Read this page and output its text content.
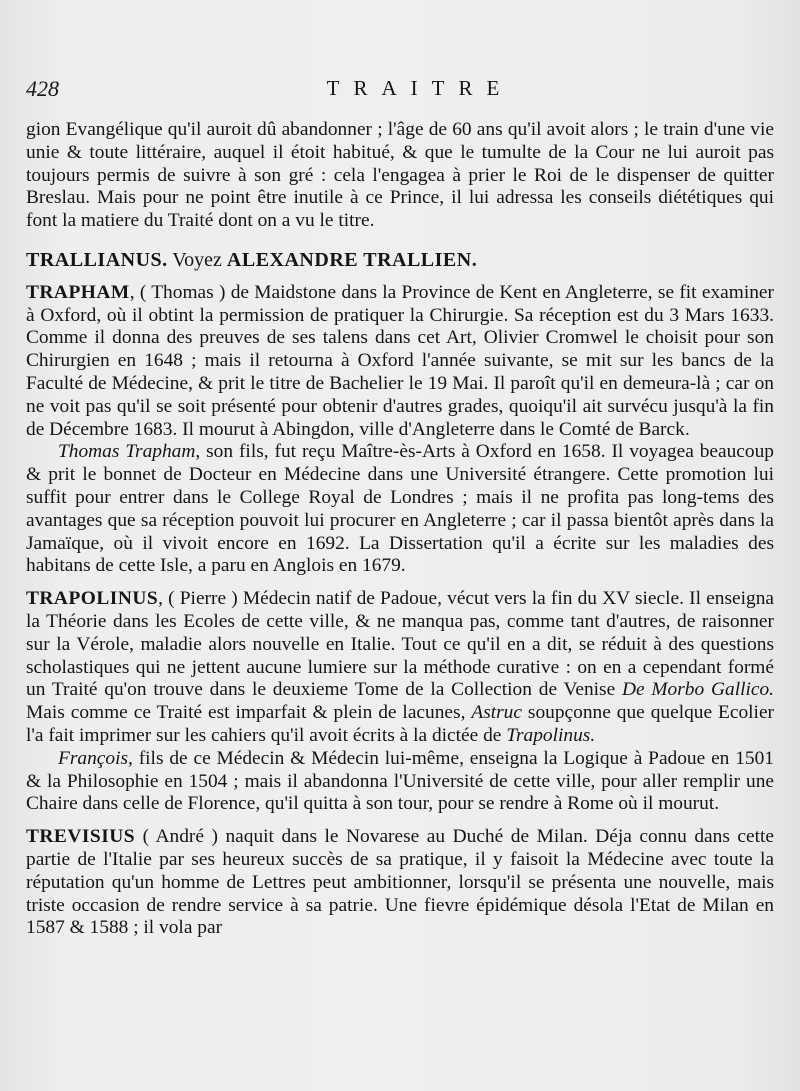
428	TRAITRE

gion Evangélique qu'il auroit dû abandonner ; l'âge de 60 ans qu'il avoit alors ; le train d'une vie unie & toute littéraire, auquel il étoit habitué, & que le tumulte de la Cour ne lui auroit pas toujours permis de suivre à son gré : cela l'engagea à prier le Roi de le dispenser de quitter Breslau. Mais pour ne point être inutile à ce Prince, il lui adressa les conseils diététiques qui font la matiere du Traité dont on a vu le titre.

TRALLIANUS. Voyez ALEXANDRE TRALLIEN.

TRAPHAM, ( Thomas ) de Maidstone dans la Province de Kent en Angleterre, se fit examiner à Oxford, où il obtint la permission de pratiquer la Chirurgie. Sa réception est du 3 Mars 1633. Comme il donna des preuves de ses talens dans cet Art, Olivier Cromwel le choisit pour son Chirurgien en 1648 ; mais il retourna à Oxford l'année suivante, se mit sur les bancs de la Faculté de Médecine, & prit le titre de Bachelier le 19 Mai. Il paroît qu'il en demeura-là ; car on ne voit pas qu'il se soit présenté pour obtenir d'autres grades, quoiqu'il ait survécu jusqu'à la fin de Décembre 1683. Il mourut à Abingdon, ville d'Angleterre dans le Comté de Barck.

Thomas Trapham, son fils, fut reçu Maître-ès-Arts à Oxford en 1658. Il voyagea beaucoup & prit le bonnet de Docteur en Médecine dans une Université étrangere. Cette promotion lui suffit pour entrer dans le College Royal de Londres ; mais il ne profita pas long-tems des avantages que sa réception pouvoit lui procurer en Angleterre ; car il passa bientôt après dans la Jamaïque, où il vivoit encore en 1692. La Dissertation qu'il a écrite sur les maladies des habitans de cette Isle, a paru en Anglois en 1679.

TRAPOLINUS, ( Pierre ) Médecin natif de Padoue, vécut vers la fin du XV siecle. Il enseigna la Théorie dans les Ecoles de cette ville, & ne manqua pas, comme tant d'autres, de raisonner sur la Vérole, maladie alors nouvelle en Italie. Tout ce qu'il en a dit, se réduit à des questions scholastiques qui ne jettent aucune lumiere sur la méthode curative : on en a cependant formé un Traité qu'on trouve dans le deuxieme Tome de la Collection de Venise De Morbo Gallico. Mais comme ce Traité est imparfait & plein de lacunes, Astruc soupçonne que quelque Ecolier l'a fait imprimer sur les cahiers qu'il avoit écrits à la dictée de Trapolinus.

François, fils de ce Médecin & Médecin lui-même, enseigna la Logique à Padoue en 1501 & la Philosophie en 1504 ; mais il abandonna l'Université de cette ville, pour aller remplir une Chaire dans celle de Florence, qu'il quitta à son tour, pour se rendre à Rome où il mourut.

TREVISIUS ( André ) naquit dans le Novarese au Duché de Milan. Déja connu dans cette partie de l'Italie par ses heureux succès de sa pratique, il y faisoit la Médecine avec toute la réputation qu'un homme de Lettres peut ambitionner, lorsqu'il se présenta une nouvelle, mais triste occasion de rendre service à sa patrie. Une fievre épidémique désola l'Etat de Milan en 1587 & 1588 ; il vola par
